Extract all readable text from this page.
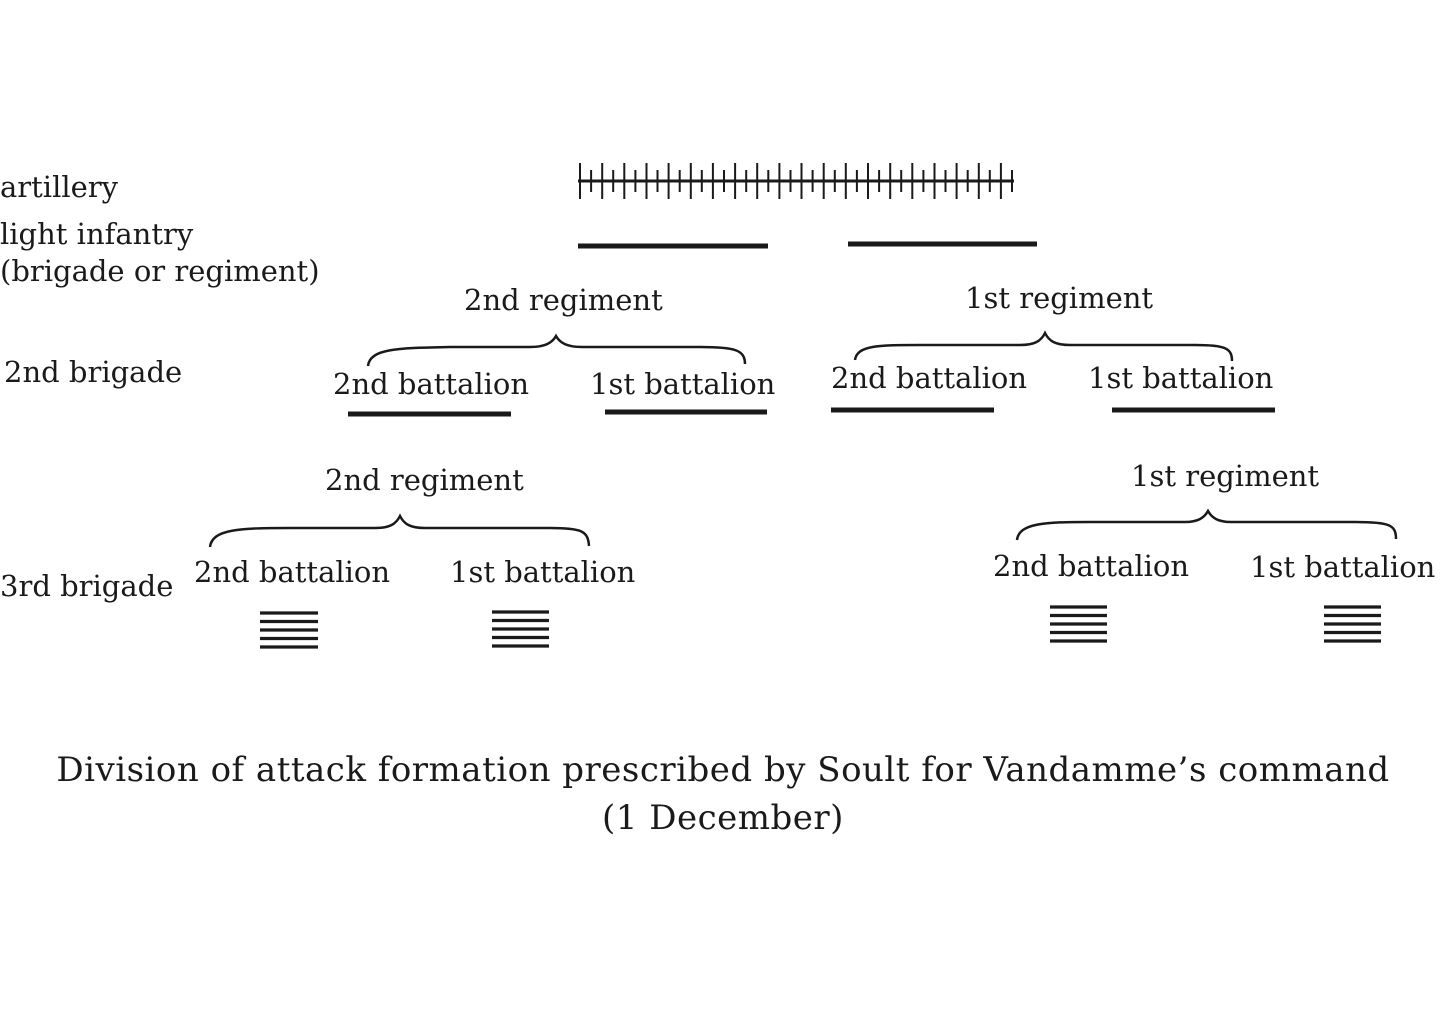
artillery
light infantry
(brigade or regiment)
2nd brigade
3rd brigade
2nd regiment	1st regiment
2nd battalion 1st battalion 2nd battalion 1st battalion
2nd regiment	1st regiment
2nd battalion 1st battalion	2nd battalion 1st battalion
Division of attack formation prescribed by Soult for Vandamme’s command
(1 December)
